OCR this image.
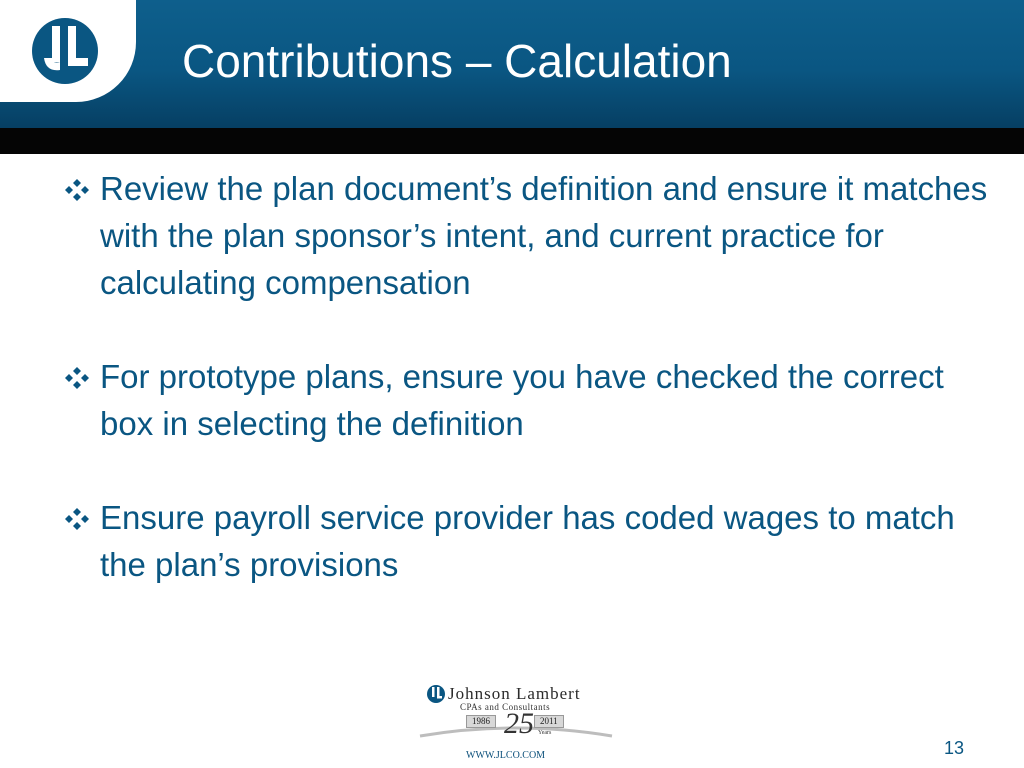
Contributions – Calculation
Review the plan document’s definition and ensure it matches with the plan sponsor’s intent, and current practice for calculating compensation
For prototype plans, ensure you have checked the correct box in selecting the definition
Ensure payroll service provider has coded wages to match the plan’s provisions
Johnson Lambert
CPAs and Consultants
1986 25 Years
2011
WWW.JLCO.COM	13
